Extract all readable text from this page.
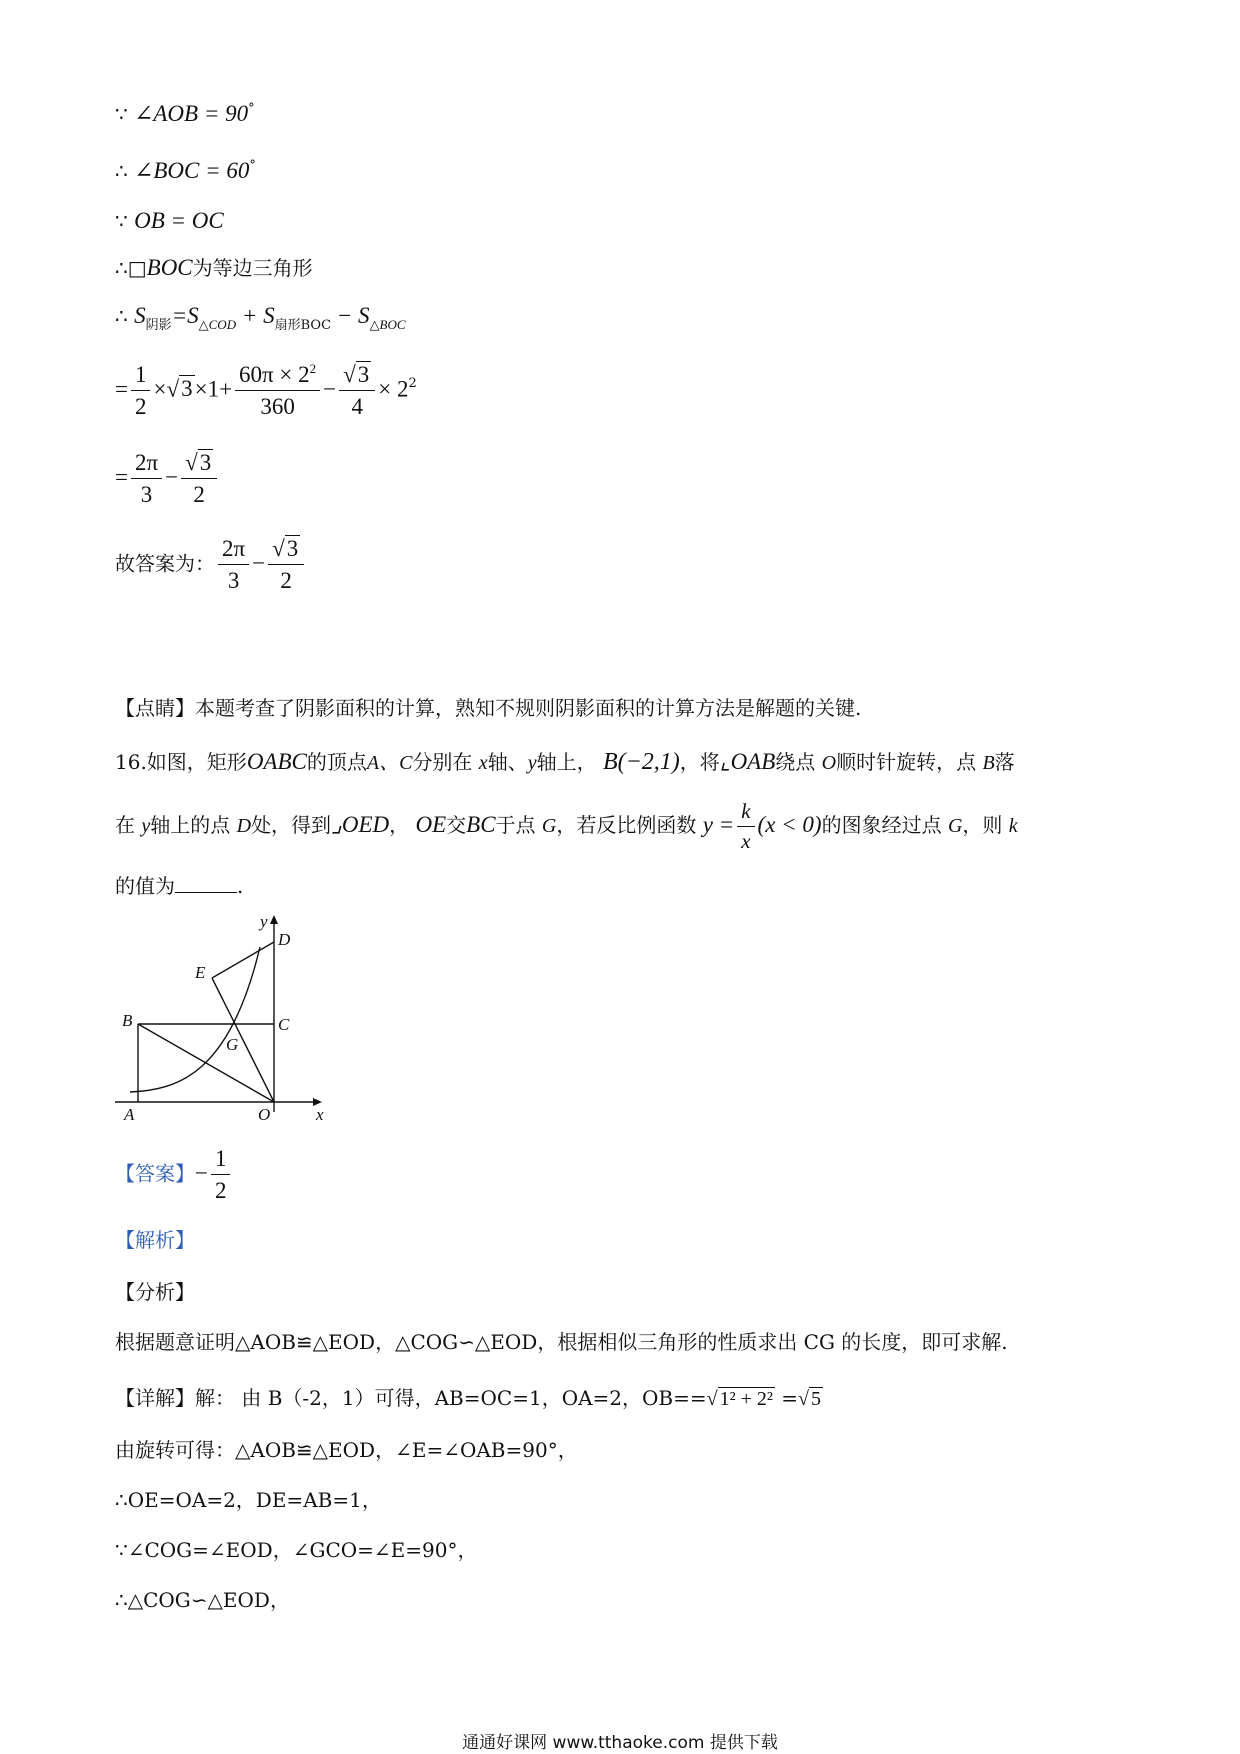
∵ ∠AOB = 90°
∴ ∠BOC = 60°
∵ OB = OC
∴□BOC为等边三角形
∴ $S_{阴影}=S_{\triangle COD} + S_{扇形BOC} - S_{\triangle BOC}$
= $\frac{1}{2} \times√3\times 1+ \frac{60\pi \times 2^2}{360} - \frac{√3}{4} \times 2^2$
= $\frac{2\pi}{3} - \frac{√3}{2}$
故答案为： $\frac{2\pi}{3} - \frac{√3}{2}$
【点睛】本题考查了阴影面积的计算，熟知不规则阴影面积的计算方法是解题的关键.
16.如图，矩形OABC的顶点A、C分别在 x轴、y轴上， B(−2,1)，将⌞OAB绕点 O顺时针旋转，点 B落
在 y轴上的点 D处，得到⌟OED， OE交BC于点 G，若反比例函数 $y = \frac{k}{x} (x < 0)$的图象经过点 G，则 k
的值为	.
y
x
D
E
B	C
G
A	O
【答案】− $\frac{1}{2}$
【解析】
【分析】
根据题意证明△AOB≌△EOD，△COG∽△EOD，根据相似三角形的性质求出 CG 的长度，即可求解.
【详解】解： 由 B（-2，1）可得，AB=OC=1，OA=2，OB==√ 1² + 2² =√ 5
由旋转可得：△AOB≌△EOD，∠E=∠OAB=90°，
∴OE=OA=2，DE=AB=1，
∵∠COG=∠EOD，∠GCO=∠E=90°，
∴△COG∽△EOD，
通通好课网 www.tthaoke.com 提供下载
